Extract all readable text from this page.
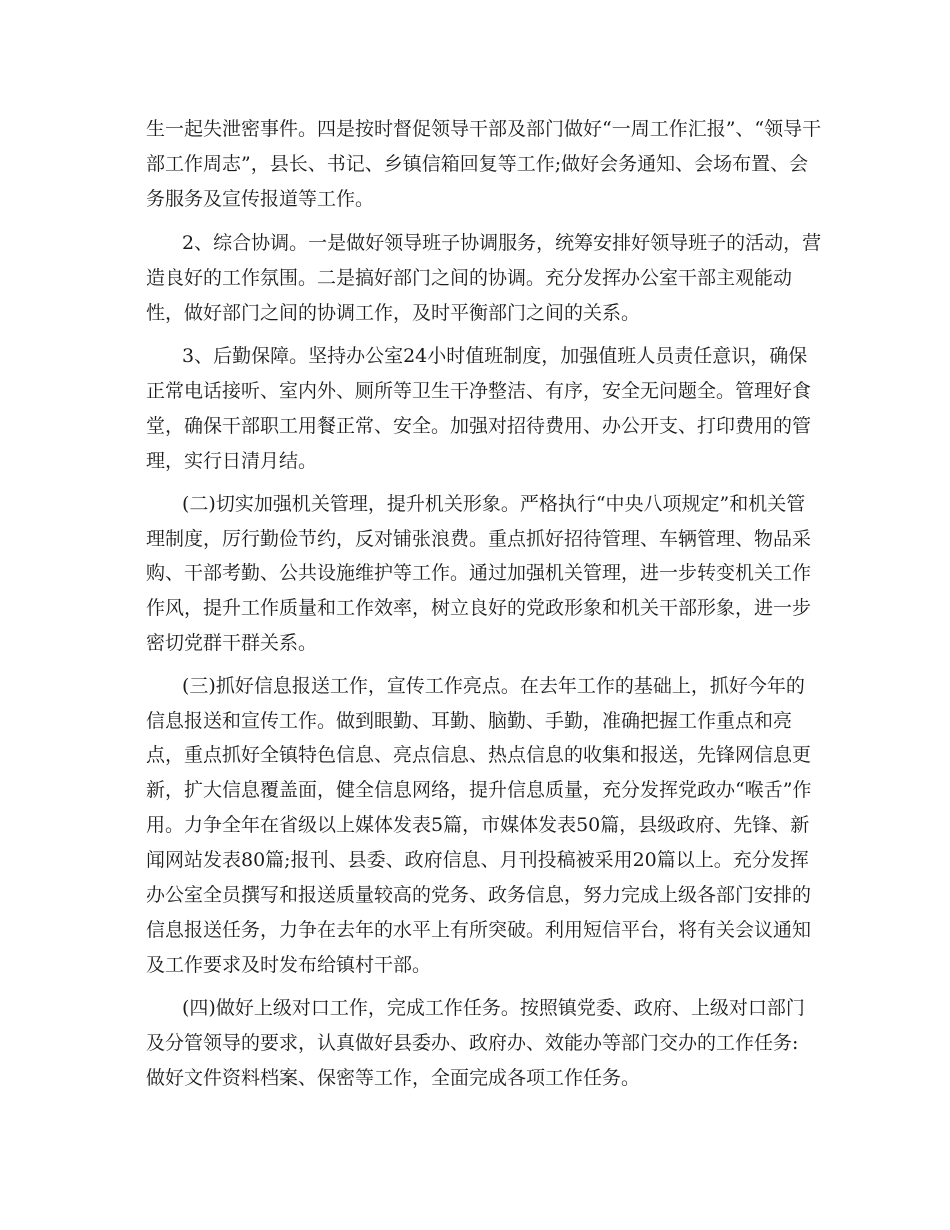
生一起失泄密事件。四是按时督促领导干部及部门做好“一周工作汇报”、“领导干
部工作周志”，县长、书记、乡镇信箱回复等工作;做好会务通知、会场布置、会
务服务及宣传报道等工作。
2、综合协调。一是做好领导班子协调服务，统筹安排好领导班子的活动，营
造良好的工作氛围。二是搞好部门之间的协调。充分发挥办公室干部主观能动
性，做好部门之间的协调工作，及时平衡部门之间的关系。
3、后勤保障。坚持办公室24小时值班制度，加强值班人员责任意识，确保
正常电话接听、室内外、厕所等卫生干净整洁、有序，安全无问题全。管理好食
堂，确保干部职工用餐正常、安全。加强对招待费用、办公开支、打印费用的管
理，实行日清月结。
(二)切实加强机关管理，提升机关形象。严格执行“中央八项规定”和机关管
理制度，厉行勤俭节约，反对铺张浪费。重点抓好招待管理、车辆管理、物品采
购、干部考勤、公共设施维护等工作。通过加强机关管理，进一步转变机关工作
作风，提升工作质量和工作效率，树立良好的党政形象和机关干部形象，进一步
密切党群干群关系。
(三)抓好信息报送工作，宣传工作亮点。在去年工作的基础上，抓好今年的
信息报送和宣传工作。做到眼勤、耳勤、脑勤、手勤，准确把握工作重点和亮
点，重点抓好全镇特色信息、亮点信息、热点信息的收集和报送，先锋网信息更
新，扩大信息覆盖面，健全信息网络，提升信息质量，充分发挥党政办“喉舌”作
用。力争全年在省级以上媒体发表5篇，市媒体发表50篇，县级政府、先锋、新
闻网站发表80篇;报刊、县委、政府信息、月刊投稿被采用20篇以上。充分发挥
办公室全员撰写和报送质量较高的党务、政务信息，努力完成上级各部门安排的
信息报送任务，力争在去年的水平上有所突破。利用短信平台，将有关会议通知
及工作要求及时发布给镇村干部。
(四)做好上级对口工作，完成工作任务。按照镇党委、政府、上级对口部门
及分管领导的要求，认真做好县委办、政府办、效能办等部门交办的工作任务:
做好文件资料档案、保密等工作，全面完成各项工作任务。
